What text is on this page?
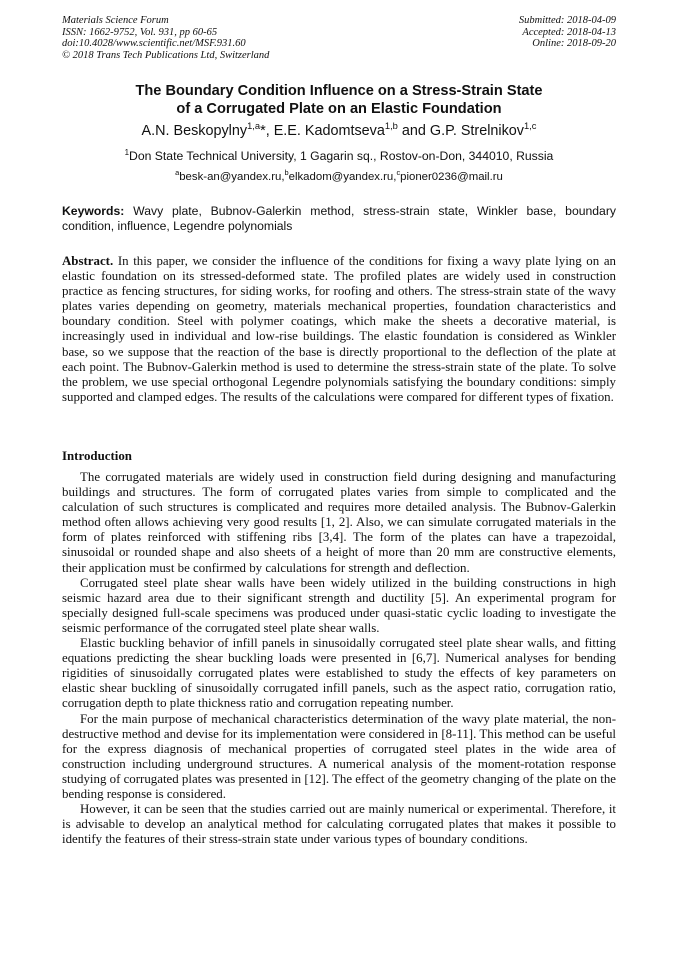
Materials Science Forum
ISSN: 1662-9752, Vol. 931, pp 60-65
doi:10.4028/www.scientific.net/MSF.931.60
© 2018 Trans Tech Publications Ltd, Switzerland
Submitted: 2018-04-09
Accepted: 2018-04-13
Online: 2018-09-20
The Boundary Condition Influence on a Stress-Strain State
of a Corrugated Plate on an Elastic Foundation
A.N. Beskopylny$^{1,a}$*, E.E. Kadomtseva$^{1,b}$ and G.P. Strelnikov$^{1,c}$
$^1$Don State Technical University, 1 Gagarin sq., Rostov-on-Don, 344010, Russia
$^a$besk-an@yandex.ru,$^b$elkadom@yandex.ru,$^c$pioner0236@mail.ru
Keywords: Wavy plate, Bubnov-Galerkin method, stress-strain state, Winkler base, boundary condition, influence, Legendre polynomials
Abstract. In this paper, we consider the influence of the conditions for fixing a wavy plate lying on an elastic foundation on its stressed-deformed state. The profiled plates are widely used in construction practice as fencing structures, for siding works, for roofing and others. The stress-strain state of the wavy plates varies depending on geometry, materials mechanical properties, foundation characteristics and boundary condition. Steel with polymer coatings, which make the sheets a decorative material, is increasingly used in individual and low-rise buildings. The elastic foundation is considered as Winkler base, so we suppose that the reaction of the base is directly proportional to the deflection of the plate at each point. The Bubnov-Galerkin method is used to determine the stress-strain state of the plate. To solve the problem, we use special orthogonal Legendre polynomials satisfying the boundary conditions: simply supported and clamped edges. The results of the calculations were compared for different types of fixation.
Introduction

The corrugated materials are widely used in construction field during designing and manufacturing buildings and structures. The form of corrugated plates varies from simple to complicated and the calculation of such structures is complicated and requires more detailed analysis. The Bubnov-Galerkin method often allows achieving very good results [1, 2]. Also, we can simulate corrugated materials in the form of plates reinforced with stiffening ribs [3,4]. The form of the plates can have a trapezoidal, sinusoidal or rounded shape and also sheets of a height of more than 20 mm are constructive elements, their application must be confirmed by calculations for strength and deflection.

Corrugated steel plate shear walls have been widely utilized in the building constructions in high seismic hazard area due to their significant strength and ductility [5]. An experimental program for specially designed full-scale specimens was produced under quasi-static cyclic loading to investigate the seismic performance of the corrugated steel plate shear walls.

Elastic buckling behavior of infill panels in sinusoidally corrugated steel plate shear walls, and fitting equations predicting the shear buckling loads were presented in [6,7]. Numerical analyses for bending rigidities of sinusoidally corrugated plates were established to study the effects of key parameters on elastic shear buckling of sinusoidally corrugated infill panels, such as the aspect ratio, corrugation ratio, corrugation depth to plate thickness ratio and corrugation repeating number.

For the main purpose of mechanical characteristics determination of the wavy plate material, the non-destructive method and devise for its implementation were considered in [8-11]. This method can be useful for the express diagnosis of mechanical properties of corrugated steel plates in the wide area of construction including underground structures. A numerical analysis of the moment-rotation response studying of corrugated plates was presented in [12]. The effect of the geometry changing of the plate on the bending response is considered.

However, it can be seen that the studies carried out are mainly numerical or experimental. Therefore, it is advisable to develop an analytical method for calculating corrugated plates that makes it possible to identify the features of their stress-strain state under various types of boundary conditions.
